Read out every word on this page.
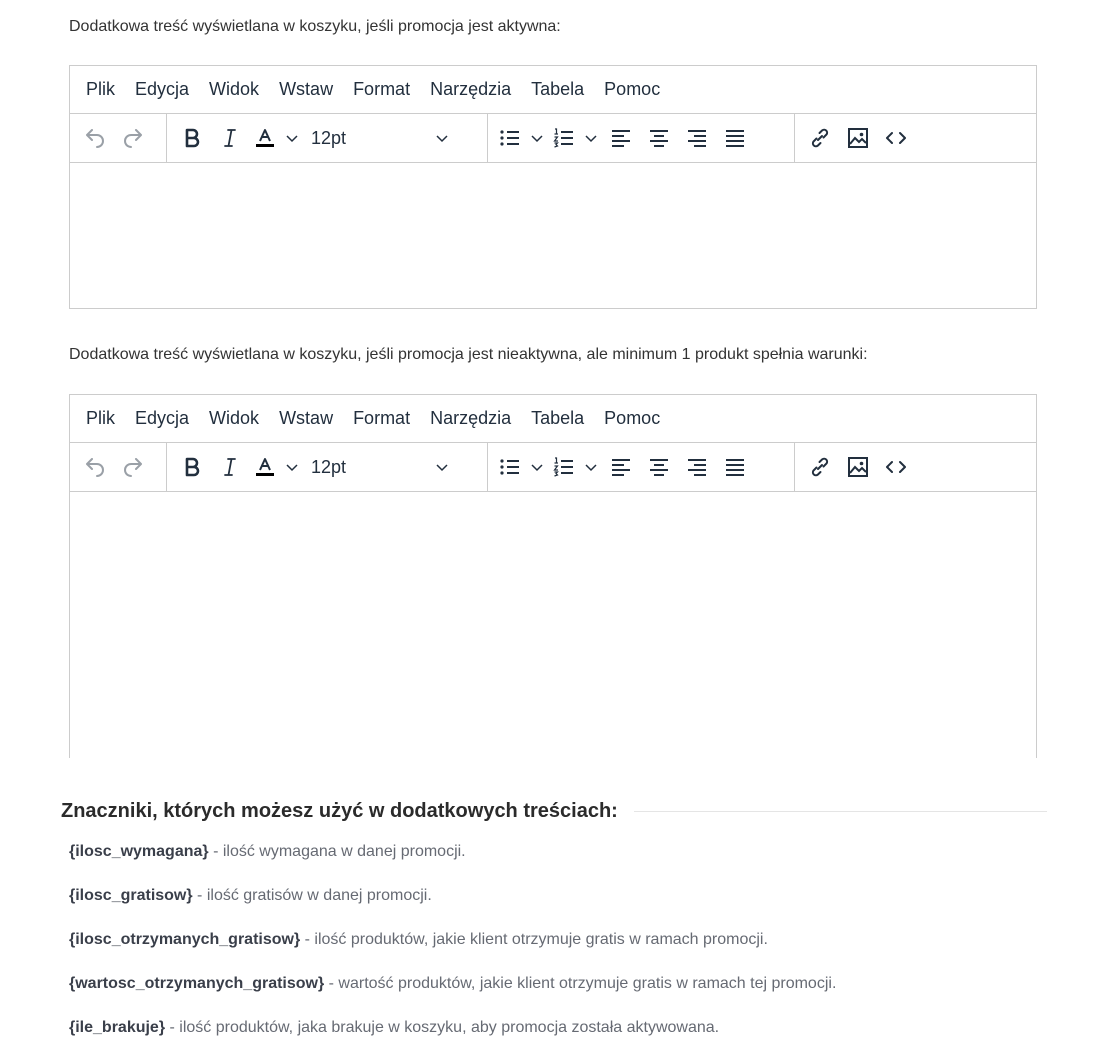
Dodatkowa treść wyświetlana w koszyku, jeśli promocja jest aktywna:
Plik	Edycja	Widok	Wstaw	Format	Narzędzia	Tabela	Pomoc
12pt
Dodatkowa treść wyświetlana w koszyku, jeśli promocja jest nieaktywna, ale minimum 1 produkt spełnia warunki:
Plik	Edycja	Widok	Wstaw	Format	Narzędzia	Tabela	Pomoc
12pt
Znaczniki, których możesz użyć w dodatkowych treściach:
{ilosc_wymagana} - ilość wymagana w danej promocji.
{ilosc_gratisow} - ilość gratisów w danej promocji.
{ilosc_otrzymanych_gratisow} - ilość produktów, jakie klient otrzymuje gratis w ramach promocji.
{wartosc_otrzymanych_gratisow} - wartość produktów, jakie klient otrzymuje gratis w ramach tej promocji.
{ile_brakuje} - ilość produktów, jaka brakuje w koszyku, aby promocja została aktywowana.
